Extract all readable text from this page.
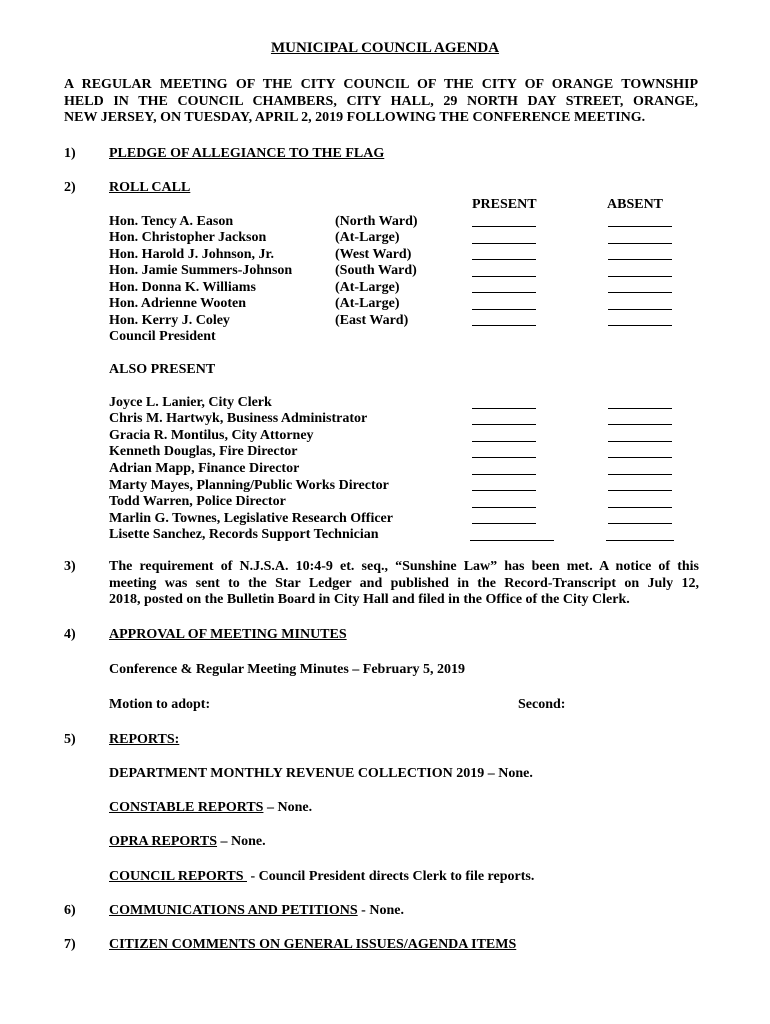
MUNICIPAL COUNCIL AGENDA
A REGULAR MEETING OF THE CITY COUNCIL OF THE CITY OF ORANGE TOWNSHIP
HELD IN THE COUNCIL CHAMBERS, CITY HALL, 29 NORTH DAY STREET, ORANGE,
NEW JERSEY, ON TUESDAY, APRIL 2, 2019 FOLLOWING THE CONFERENCE MEETING.
1) PLEDGE OF ALLEGIANCE TO THE FLAG
2) ROLL CALL
PRESENT	ABSENT
Hon. Tency A. Eason	(North Ward)
Hon. Christopher Jackson	(At-Large)
Hon. Harold J. Johnson, Jr.	(West Ward)
Hon. Jamie Summers-Johnson	(South Ward)
Hon. Donna K. Williams	(At-Large)
Hon. Adrienne Wooten	(At-Large)
Hon. Kerry J. Coley	(East Ward)
Council President
ALSO PRESENT
Joyce L. Lanier, City Clerk
Chris M. Hartwyk, Business Administrator
Gracia R. Montilus, City Attorney
Kenneth Douglas, Fire Director
Adrian Mapp, Finance Director
Marty Mayes, Planning/Public Works Director
Todd Warren, Police Director
Marlin G. Townes, Legislative Research Officer
Lisette Sanchez, Records Support Technician
3) The requirement of N.J.S.A. 10:4-9 et. seq., “Sunshine Law” has been met. A notice of this
meeting was sent to the Star Ledger and published in the Record-Transcript on July 12,
2018, posted on the Bulletin Board in City Hall and filed in the Office of the City Clerk.
4) APPROVAL OF MEETING MINUTES
Conference & Regular Meeting Minutes – February 5, 2019
Motion to adopt:	Second:
5) REPORTS:
DEPARTMENT MONTHLY REVENUE COLLECTION 2019 – None.
CONSTABLE REPORTS – None.
OPRA REPORTS – None.
COUNCIL REPORTS  - Council President directs Clerk to file reports.
6) COMMUNICATIONS AND PETITIONS - None.
7) CITIZEN COMMENTS ON GENERAL ISSUES/AGENDA ITEMS
